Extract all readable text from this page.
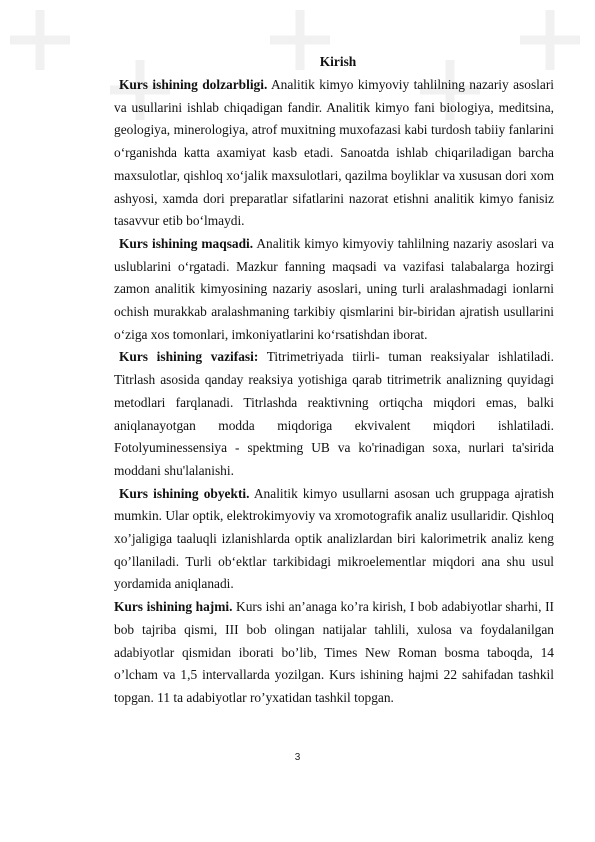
Kirish

Kurs ishining dolzarbligi. Analitik kimyo kimyoviy tahlilning nazariy asoslari va usullarini ishlab chiqadigan fandir. Analitik kimyo fani biologiya, meditsina, geologiya, minerologiya, atrof muxitning muxofazasi kabi turdosh tabiiy fanlarini o‘rganishda katta axamiyat kasb etadi. Sanoatda ishlab chiqariladigan barcha maxsulotlar, qishloq xo‘jalik maxsulotlari, qazilma boyliklar va xususan dori xom ashyosi, xamda dori preparatlar sifatlarini nazorat etishni analitik kimyo fanisiz tasavvur etib bo‘lmaydi.

Kurs ishining maqsadi. Analitik kimyo kimyoviy tahlilning nazariy asoslari va uslublarini o‘rgatadi. Mazkur fanning maqsadi va vazifasi talabalarga hozirgi zamon analitik kimyosining nazariy asoslari, uning turli aralashmadagi ionlarni ochish murakkab aralashmaning tarkibiy qismlarini bir-biridan ajratish usullarini o‘ziga xos tomonlari, imkoniyatlarini ko‘rsatishdan iborat.

Kurs ishining vazifasi: Titrimetriyada tiirli- tuman reaksiyalar ishlatiladi. Titrlash asosida qanday reaksiya yotishiga qarab titrimetrik analizning quyidagi metodlari farqlanadi. Titrlashda reaktivning ortiqcha miqdori emas, balki aniqlanayotgan modda miqdoriga ekvivalent miqdori ishlatiladi. Fotolyuminessensiya - spektming UB va ko'rinadigan soxa, nurlari ta'sirida moddani shu'lalanishi.

Kurs ishining obyekti. Analitik kimyo usullarni asosan uch gruppaga ajratish mumkin. Ular optik, elektrokimyoviy va xromotografik analiz usullaridir. Qishloq xo’jaligiga taaluqli izlanishlarda optik analizlardan biri kalorimetrik analiz keng qo’llaniladi. Turli ob‘ektlar tarkibidagi mikroelementlar miqdori ana shu usul yordamida aniqlanadi.

Kurs ishining hajmi. Kurs ishi an’anaga ko’ra kirish, I bob adabiyotlar sharhi, II bob tajriba qismi, III bob olingan natijalar tahlili, xulosa va foydalanilgan adabiyotlar qismidan iborati bo’lib, Times New Roman bosma taboqda, 14 o’lcham va 1,5 intervallarda yozilgan. Kurs ishining hajmi 22 sahifadan tashkil topgan. 11 ta adabiyotlar ro’yxatidan tashkil topgan.

3
